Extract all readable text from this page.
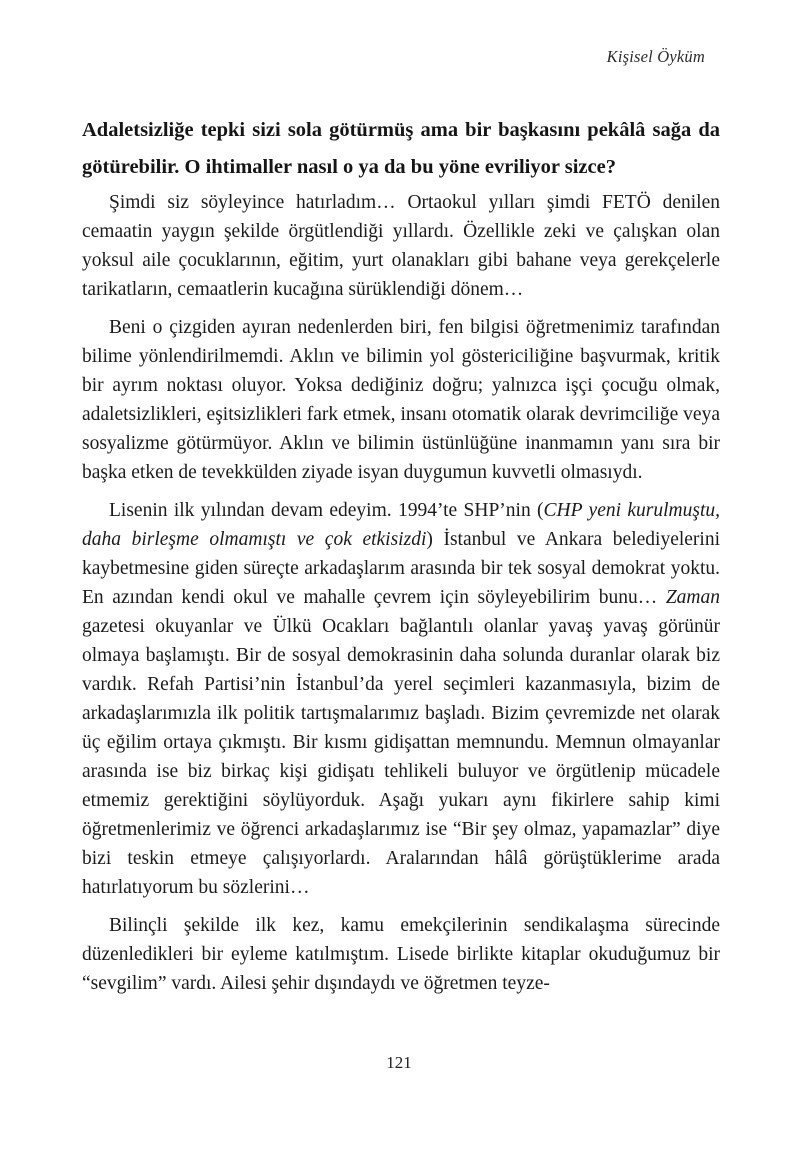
Kişisel Öyküm
Adaletsizliğe tepki sizi sola götürmüş ama bir başkasını pekâlâ sağa da götürebilir. O ihtimaller nasıl o ya da bu yöne evriliyor sizce?

Şimdi siz söyleyince hatırladım… Ortaokul yılları şimdi FETÖ denilen cemaatin yaygın şekilde örgütlendiği yıllardı. Özellikle zeki ve çalışkan olan yoksul aile çocuklarının, eğitim, yurt olanakları gibi bahane veya gerekçelerle tarikatların, cemaatlerin kucağına sürüklendiği dönem…

Beni o çizgiden ayıran nedenlerden biri, fen bilgisi öğretmenimiz tarafından bilime yönlendirilmemdi. Aklın ve bilimin yol göstericiliğine başvurmak, kritik bir ayrım noktası oluyor. Yoksa dediğiniz doğru; yalnızca işçi çocuğu olmak, adaletsizlikleri, eşitsizlikleri fark etmek, insanı otomatik olarak devrimciliğe veya sosyalizme götürmüyor. Aklın ve bilimin üstünlüğüne inanmamın yanı sıra bir başka etken de tevekkülden ziyade isyan duygumun kuvvetli olmasıydı.

Lisenin ilk yılından devam edeyim. 1994’te SHP’nin (CHP yeni kurulmuştu, daha birleşme olmamıştı ve çok etkisizdi) İstanbul ve Ankara belediyelerini kaybetmesine giden süreçte arkadaşlarım arasında bir tek sosyal demokrat yoktu. En azından kendi okul ve mahalle çevrem için söyleyebilirim bunu… Zaman gazetesi okuyanlar ve Ülkü Ocakları bağlantılı olanlar yavaş yavaş görünür olmaya başlamıştı. Bir de sosyal demokrasinin daha solunda duranlar olarak biz vardık. Refah Partisi’nin İstanbul’da yerel seçimleri kazanmasıyla, bizim de arkadaşlarımızla ilk politik tartışmalarımız başladı. Bizim çevremizde net olarak üç eğilim ortaya çıkmıştı. Bir kısmı gidişattan memnundu. Memnun olmayanlar arasında ise biz birkaç kişi gidişatı tehlikeli buluyor ve örgütlenip mücadele etmemiz gerektiğini söylüyorduk. Aşağı yukarı aynı fikirlere sahip kimi öğretmenlerimiz ve öğrenci arkadaşlarımız ise “Bir şey olmaz, yapamazlar” diye bizi teskin etmeye çalışıyorlardı. Aralarından hâlâ görüştüklerime arada hatırlatıyorum bu sözlerini…

Bilinçli şekilde ilk kez, kamu emekçilerinin sendikalaşma sürecinde düzenledikleri bir eyleme katılmıştım. Lisede birlikte kitaplar okuduğumuz bir “sevgilim” vardı. Ailesi şehir dışındaydı ve öğretmen teyze-

121
